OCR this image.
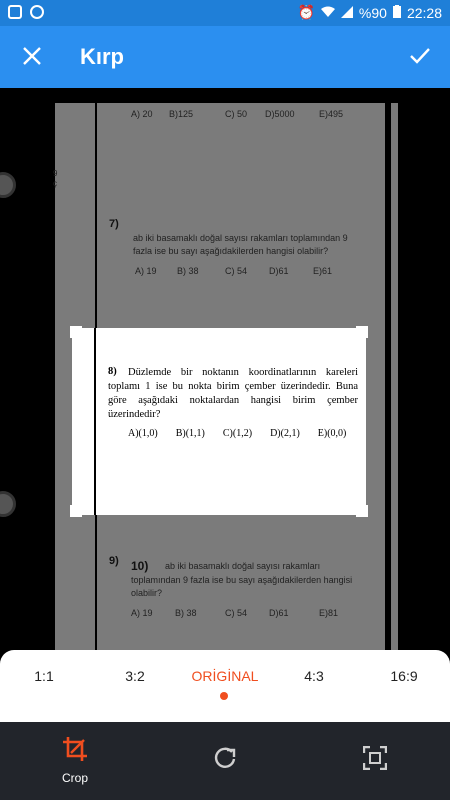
⏰	%90 22:28
Kırp
A) 20 B)125	C) 50 D)5000	E)495
9
ç
7)
ab iki basamaklı doğal sayısı rakamları toplamından 9
fazla ise bu sayı aşağıdakilerden hangisi olabilir?
A) 19 B) 38	C) 54 D)61	E)61
9) 10) ab iki basamaklı doğal sayısı rakamları
toplamından 9 fazla ise bu sayı aşağıdakilerden hangisi
olabilir?
A) 19 B) 38	C) 54 D)61	E)81
8)	Düzlemde bir noktanın koordinatlarının kareleri toplamı 1 ise bu nokta birim çember üzerindedir. Buna göre aşağıdaki noktalardan hangisi birim çember üzerindedir?
A)(1,0) B)(1,1) C)(1,2) D)(2,1) E)(0,0)
1:1	3:2	ORİGİNAL	4:3	16:9
Crop
